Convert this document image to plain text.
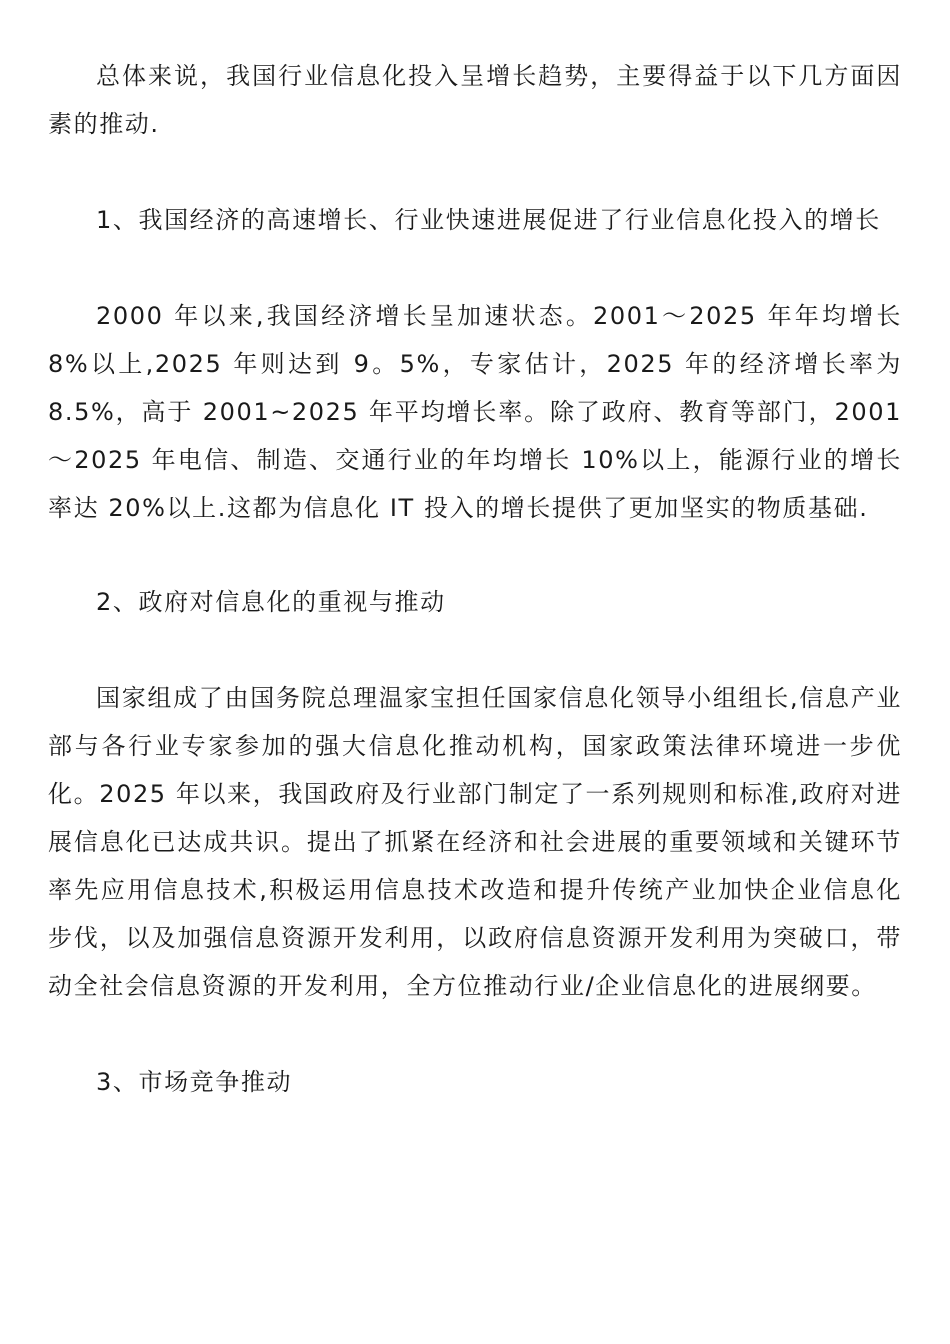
总体来说，我国行业信息化投入呈增长趋势，主要得益于以下几方面因素的推动.

1、我国经济的高速增长、行业快速进展促进了行业信息化投入的增长

2000 年以来,我国经济增长呈加速状态。2001～2025 年年均增长 8%以上,2025 年则达到 9。5%，专家估计，2025 年的经济增长率为 8.5%，高于 2001~2025 年平均增长率。除了政府、教育等部门，2001～2025 年电信、制造、交通行业的年均增长 10%以上，能源行业的增长率达 20%以上.这都为信息化 IT 投入的增长提供了更加坚实的物质基础.

2、政府对信息化的重视与推动

国家组成了由国务院总理温家宝担任国家信息化领导小组组长,信息产业部与各行业专家参加的强大信息化推动机构，国家政策法律环境进一步优化。2025 年以来，我国政府及行业部门制定了一系列规则和标准,政府对进展信息化已达成共识。提出了抓紧在经济和社会进展的重要领域和关键环节率先应用信息技术,积极运用信息技术改造和提升传统产业加快企业信息化步伐，以及加强信息资源开发利用，以政府信息资源开发利用为突破口，带动全社会信息资源的开发利用，全方位推动行业/企业信息化的进展纲要。

3、市场竞争推动
